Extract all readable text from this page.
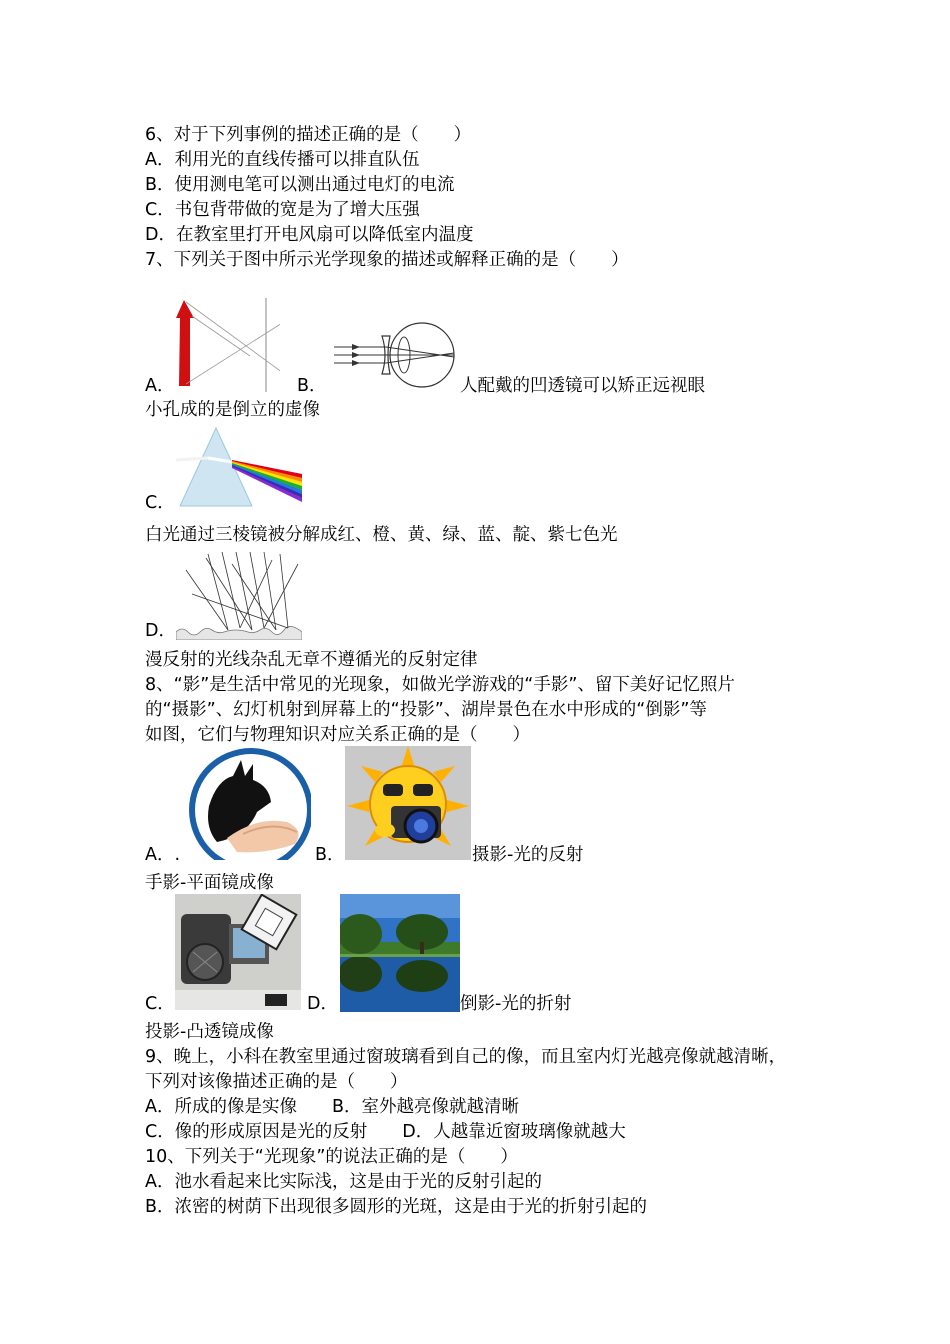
6、对于下列事例的描述正确的是（　　）
A．利用光的直线传播可以排直队伍
B．使用测电笔可以测出通过电灯的电流
C．书包背带做的宽是为了增大压强
D．在教室里打开电风扇可以降低室内温度
7、下列关于图中所示光学现象的描述或解释正确的是（　　）
A．	B．	人配戴的凹透镜可以矫正远视眼
小孔成的是倒立的虚像
C．
白光通过三棱镜被分解成红、橙、黄、绿、蓝、靛、紫七色光
D．
漫反射的光线杂乱无章不遵循光的反射定律
8、“影”是生活中常见的光现象，如做光学游戏的“手影”、留下美好记忆照片
的“摄影”、幻灯机射到屏幕上的“投影”、湖岸景色在水中形成的“倒影”等
如图，它们与物理知识对应关系正确的是（　　）
A．.	B．	摄影-光的反射
手影-平面镜成像
C．	D．	倒影-光的折射
投影-凸透镜成像
9、晚上，小科在教室里通过窗玻璃看到自己的像，而且室内灯光越亮像就越清晰，
下列对该像描述正确的是（　　）
A．所成的像是实像　　B．室外越亮像就越清晰
C．像的形成原因是光的反射　　D．人越靠近窗玻璃像就越大
10、下列关于“光现象”的说法正确的是（　　）
A．池水看起来比实际浅，这是由于光的反射引起的
B．浓密的树荫下出现很多圆形的光斑，这是由于光的折射引起的
